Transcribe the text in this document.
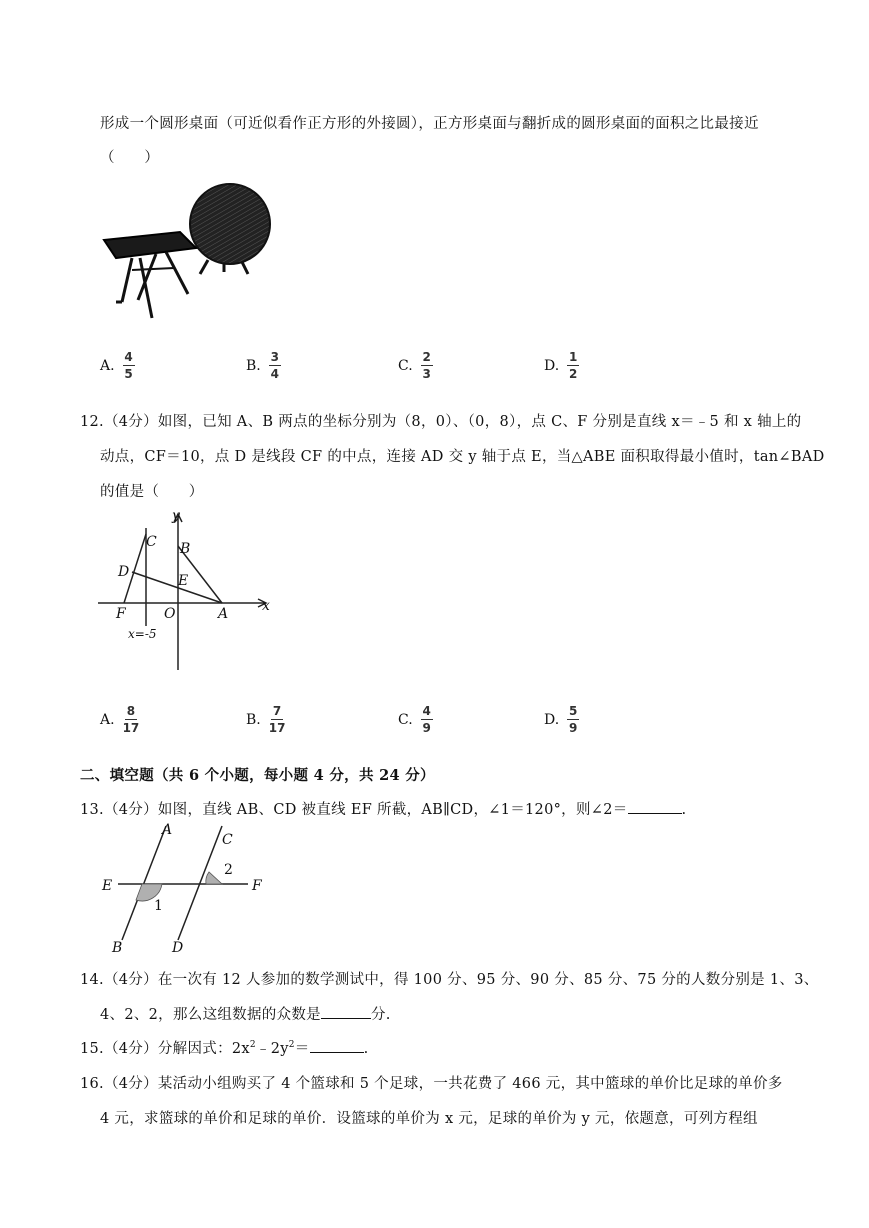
形成一个圆形桌面（可近似看作正方形的外接圆），正方形桌面与翻折成的圆形桌面的面积之比最接近
（　　）
A. $\frac{4}{5}$	B. $\frac{3}{4}$	C. $\frac{2}{3}$	D. $\frac{1}{2}$
12.（4分）如图，已知 A、B 两点的坐标分别为（8，0）、（0，8），点 C、F 分别是直线 x＝﹣5 和 x 轴上的
动点，CF＝10，点 D 是线段 CF 的中点，连接 AD 交 y 轴于点 E，当△ABE 面积取得最小值时，tan∠BAD
的值是（　　）
y
x
C B
D
E
F	O	A
x=-5
A. $\frac{8}{17}$	B. $\frac{7}{17}$	C. $\frac{4}{9}$	D. $\frac{5}{9}$
二、填空题（共 6 个小题，每小题 4 分，共 24 分）
13.（4分）如图，直线 AB、CD 被直线 EF 所截，AB∥CD，∠1＝120°，则∠2＝	.
A
C
E	F
B	D
1
2
14.（4分）在一次有 12 人参加的数学测试中，得 100 分、95 分、90 分、85 分、75 分的人数分别是 1、3、
4、2、2，那么这组数据的众数是	分.
15.（4分）分解因式：$2x^2﹣2y^2=$	.
16.（4分）某活动小组购买了 4 个篮球和 5 个足球，一共花费了 466 元，其中篮球的单价比足球的单价多
4 元，求篮球的单价和足球的单价．设篮球的单价为 x 元，足球的单价为 y 元，依题意，可列方程组
